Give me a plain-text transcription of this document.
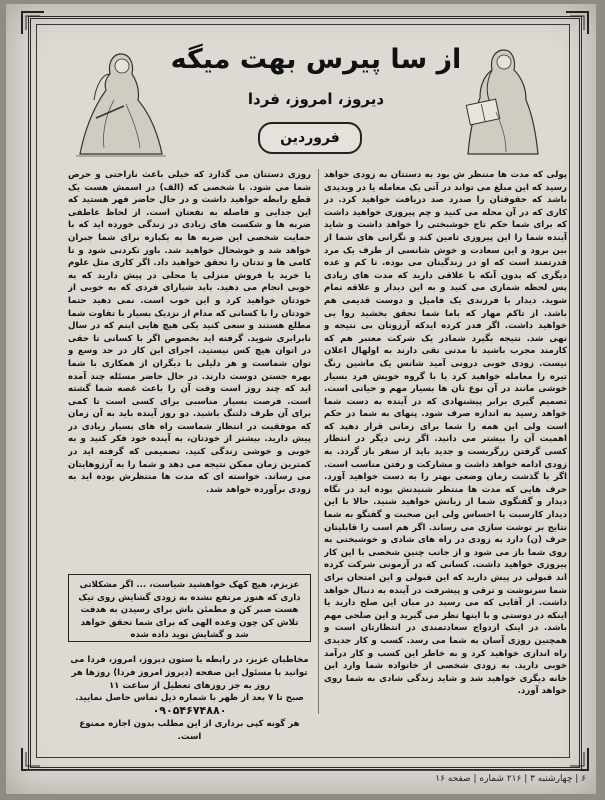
از سا پیرس بهت میگه
دیروز، امروز، فردا
فروردین

پولی که مدت ها منتظر ش بود به دستتان به زودی خواهد رسید که این مبلغ می تواند در آتی یک معامله یا در ویدیدی باشد که حقوقتان را صدرد صد دریافت خواهید کرد. در کاری که در آن محله می کنید و چم پیروزی خواهید داشت که برای شما حکم تاج خوشبختی را خواهد داشت و شاید آینده شما را این پیروزی تامین کند و نگرانی های شما از بین برود و این سعادت و خوش شانسی از طرف یک مرد قدرتمند است که او در زندگیتان می بوده. تا کم و عده دیگری که بدون آنکه با علاقی دارید که مدت های زیادی پس لحظه شماری می کنید و به این دیدار و علاقه تمام شوید. دیدار با فرزندی یک فامیل و دوست قدیمی هم باشد. از تاکم مهار که باما شما تحقق بخشید روا یی خواهید داشت. اگر فدر کرده ایدکه آرزوتان بی نتیجه و تهی شد. نتیجه بگیرد شمادر یک شرکت معتبر هم که کارمند مجرب باشید تا مدتی تقی دارند به اولهال اعلان نیست. زودی خوبی درونی آمید شانس یک ماشین رنگ تیره را معامله خواهید کرد یا با گروه خویش فرد بسیار خوشی مانند در آن نوع تان ها بسیار مهم و حیاتی است. تصمیم گیری برابر پیشنهادی که در آینده به دست شما خواهد رسید به اندازه صرف شود. پنهای به شما در حکم است ولی این همه را شما برای زمانی قرار دهید که اهمیت آن را بیشتر می دانید. اگر زنی دیگر در انتظار کسی گرفتن زرگریست و جدید باید از سفر باز گردد. به زودی ادامه خواهد داشت و مشارکت و رفتن مناسب است. اگر با گذشت زمان وضعی بهتر را به دست خواهید آورد. حرف هایی که مدت ها منتظر شنیدنش بوده اید در نگاه دیدار و گفتگوی شما از زبانش خواهید شنید. حالا با این دیدار کارسبت یا احساس ولی این صحبت و گفتگو به شما نتایج بر توشت سازی می رساند. اگر هم اسب را قابلیتان حرف (ن) دارد به زودی در راه های شادی و خوشبختی به روی شما باز می شود و از جانب چنین شخصی با این کار پیروزی خواهید داشت. کسانی که در آزمونی شرکت کرده اند قبولی در پیش دارید که این قبولی و این امتحان برای شما سرنوشت و ترقی و پیشرفت در آینده به دنبال خواهد داشت. از آقایی که می رسید در میان این صلح دارید یا اینکه در دوستی و با اینها نظر می گیرید و این صلحی مهم باشد. در اینک ازدواج سعادتمندی در انتظارتان است و همچنین روزی آسان به شما می رسد. کسب و کار جدیدی راه اندازی خواهید کرد و به خاطر این کسب و کار درآمد خوبی دارید. به زودی شخصی از خانواده شما وارد این خانه دیگری خواهید شد و شاید زندگی شادی به شما روی خواهد آورد.

روزی دستتان می گذارد که خیلی باعث ناراحتی و حرص شما می شود. با شخصی که (الف) در اسمش هست یک قطع رابطه خواهید داشت و در حال حاضر قهر هستید که این جدایی و فاصله به نفعتان است. از لحاظ عاطفی ضربه ها و شکست های زیادی در زندگی خورده اید که با حمایت شخصی این ضربه ها به یکباره برای شما جبران خواهد شد و خوشحال خواهید شد. باور نکردنی شود و تا کامی ها و تدتان را تحقق خواهید داد. اگر کاری مثل علوم یا خرید یا فروش منزلی یا محلی در پیش دارید که به خوبی انجام می دهید. باید شیارای فردی که به خوبی از خودتان خواهید کرد و این خوب است. نمی دهید حتما خودتان را با کسانی که مدام از نزدیک بسیار با تفاوت شما مطلع هستند و سعی کنید یکی هیچ هایی اینم که در سال نابرابری شوید. گرفته اید بخصوص اگر با کسانی تا حقی در اتوان هیچ کس نیستید. اجرای این کار در حد وسع و توان شماست و هر دلیلی با دیگران از همکاری با شما بهره جستن دوست دارند. در حال حاضر مسئله چند آمده اید که چند روز است وقت آن را باعث غصه شما گشته است. فرصت بسیار مناسبی برای کسی است تا کمی برای آن طرف دلتنگ باشید. دو روز آینده باید به آن زمان که موفقیت در انتظار شماست راه های بسیار زیادی در پیش دارید. بیشتر از خودتان، به آینده خود فکر کنید و به خوبی و خوشی زندگی کنید. تصمیمی که گرفته اید در کمترین زمان ممکن نتیجه می دهد و شما را به آرزوهایتان می رساند. خواسته ای که مدت ها منتظرش بوده اید به زودی برآورده خواهد شد.

عزیزم، هیچ کهک خواهشید شیاست، ... اگر مشکلاتی داری که هنوز مرتفع نشده به زودی گشایش روی تیک هست صبر کن و مطمئن باش برای رسیدن به هدفت تلاش کن چون وعده الهی که برای شما تحقق خواهد شد و گشایش نوید داده شده
مخاطبان عزیز، در رابطه با ستون دیروز، امروز، فردا می توانید با مسئول این صفحه (دیروز امروز فردا) روزها هر روز به جز روزهای تعطیل از ساعت ۱۱
صبح تا ۷ بعد از ظهر با شماره ذیل تماس حاصل نمایید.
۰۹۰۵۴۶۷۴۸۸۰
هر گونه کپی برداری از این مطلب بدون اجازه ممنوع است.
۶ | چهارشنبه ۳ | ۲۱۶ شماره | صفحه ۱۶
